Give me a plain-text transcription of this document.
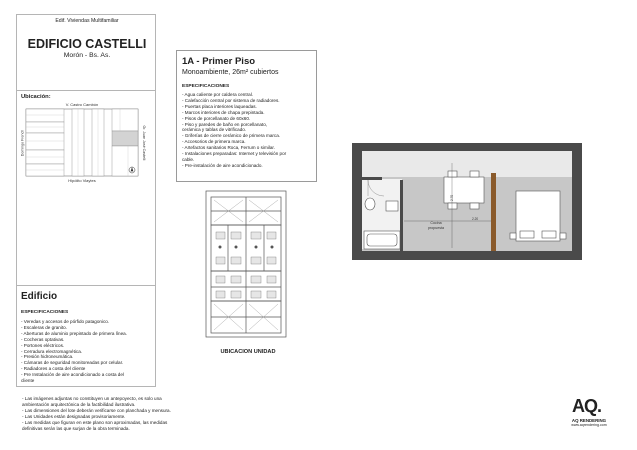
Edif. Viviendas Multifamiliar
EDIFICIO CASTELLI
Morón - Bs. As.
Ubicación:
V. Castro Cambón
Hipólito Viaytes
Domingo French	Gr. Juan José Castelli
Edificio
ESPECIFICACIONES
- Veredas y accesos de pórfido patagonico.
- Escaleras de granito.
- Aberturas de aluminio prepintado de primera línea.
- Cocheras optativas.
- Portones eléctricos.
- Cerradura electromagnética.
- Presión hidroneumática.
- Cámaras de seguridad monitoreadas por celular.
- Radiadores a costa del cliente
- Pre Instalación de aire acondicionado a costa del
cliente
- Las imágenes adjuntas no constituyen un antepoyecto, es solo una
ambientación arquitectónica de la factibilidad ilustrativa.
- Las dimensiones del lote deberán verificarse con planchada y mensura.
- Las Unidades están designadas provisoriamente.
- Las medidas que figuran en este plano son aproximadas, las medidas
definitivas serán las que surjan de la obra terminada.
1A - Primer Piso
Monoambiente, 26m² cubiertos
ESPECIFICACIONES
- Agua caliente por caldera central.
- Calefacción central por sistema de radiadores.
- Puertas placa interiores laqueadas.
- Marcos interiores de chapa prepintada.
- Pisos de porcellanato de 60x60.
- Piso y paredes de baño en porcellanato,
cerámica y tablas de vitrificado.
- Griferías de cierre cerámico de primera marca.
- Accesorios de primera marca.
- Artefactos sanitarios Roca, Ferrum o similar.
- Instalaciones preparadas: Internet y televisión por
cable.
- Pre-instalación de aire acondicionado.
UBICACION UNIDAD
2.70
2.20
Cocina
propuesta
AQ.
AQ RENDERING
www.aqrendering.com
